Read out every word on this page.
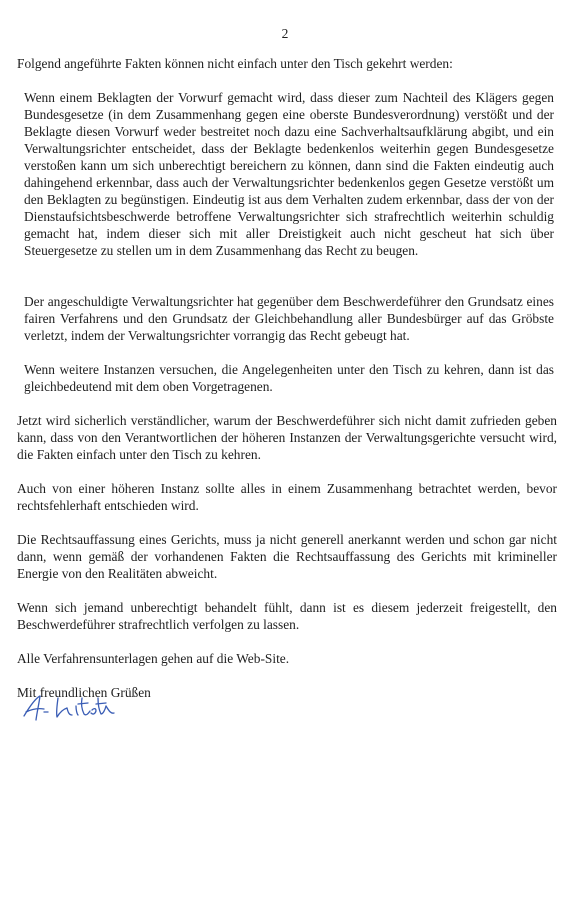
2
Folgend angeführte Fakten können nicht einfach unter den Tisch gekehrt werden:
Wenn einem Beklagten der Vorwurf gemacht wird, dass dieser zum Nachteil des Klägers gegen Bundesgesetze (in dem Zusammenhang gegen eine oberste Bundesverordnung) verstößt und der Beklagte diesen Vorwurf weder bestreitet noch dazu eine Sachverhaltsaufklärung abgibt, und ein Verwaltungsrichter entscheidet, dass der Beklagte bedenkenlos weiterhin gegen Bundesgesetze verstoßen kann um sich unberechtigt bereichern zu können, dann sind die Fakten eindeutig auch dahingehend erkennbar, dass auch der Verwaltungsrichter bedenkenlos gegen Gesetze verstößt um den Beklagten zu begünstigen. Eindeutig ist aus dem Verhalten zudem erkennbar, dass der von der Dienstaufsichtsbeschwerde betroffene Verwaltungsrichter sich strafrechtlich weiterhin schuldig gemacht hat, indem dieser sich mit aller Dreistigkeit auch nicht gescheut hat sich über Steuergesetze zu stellen um in dem Zusammenhang das Recht zu beugen.
Der angeschuldigte Verwaltungsrichter hat gegenüber dem Beschwerdeführer den Grundsatz eines fairen Verfahrens und den Grundsatz der Gleichbehandlung aller Bundesbürger auf das Gröbste verletzt, indem der Verwaltungsrichter vorrangig das Recht gebeugt hat.
Wenn weitere Instanzen versuchen, die Angelegenheiten unter den Tisch zu kehren, dann ist das gleichbedeutend mit dem oben Vorgetragenen.
Jetzt wird sicherlich verständlicher, warum der Beschwerdeführer sich nicht damit zufrieden geben kann, dass von den Verantwortlichen der höheren Instanzen der Verwaltungsgerichte versucht wird, die Fakten einfach unter den Tisch zu kehren.
Auch von einer höheren Instanz sollte alles in einem Zusammenhang betrachtet werden, bevor rechtsfehlerhaft entschieden wird.
Die Rechtsauffassung eines Gerichts, muss ja nicht generell anerkannt werden und schon gar nicht dann, wenn gemäß der vorhandenen Fakten die Rechtsauffassung des Gerichts mit krimineller Energie von den Realitäten abweicht.
Wenn sich jemand unberechtigt behandelt fühlt, dann ist es diesem jederzeit freigestellt, den Beschwerdeführer strafrechtlich verfolgen zu lassen.
Alle Verfahrensunterlagen gehen auf die Web-Site.
Mit freundlichen Grüßen
